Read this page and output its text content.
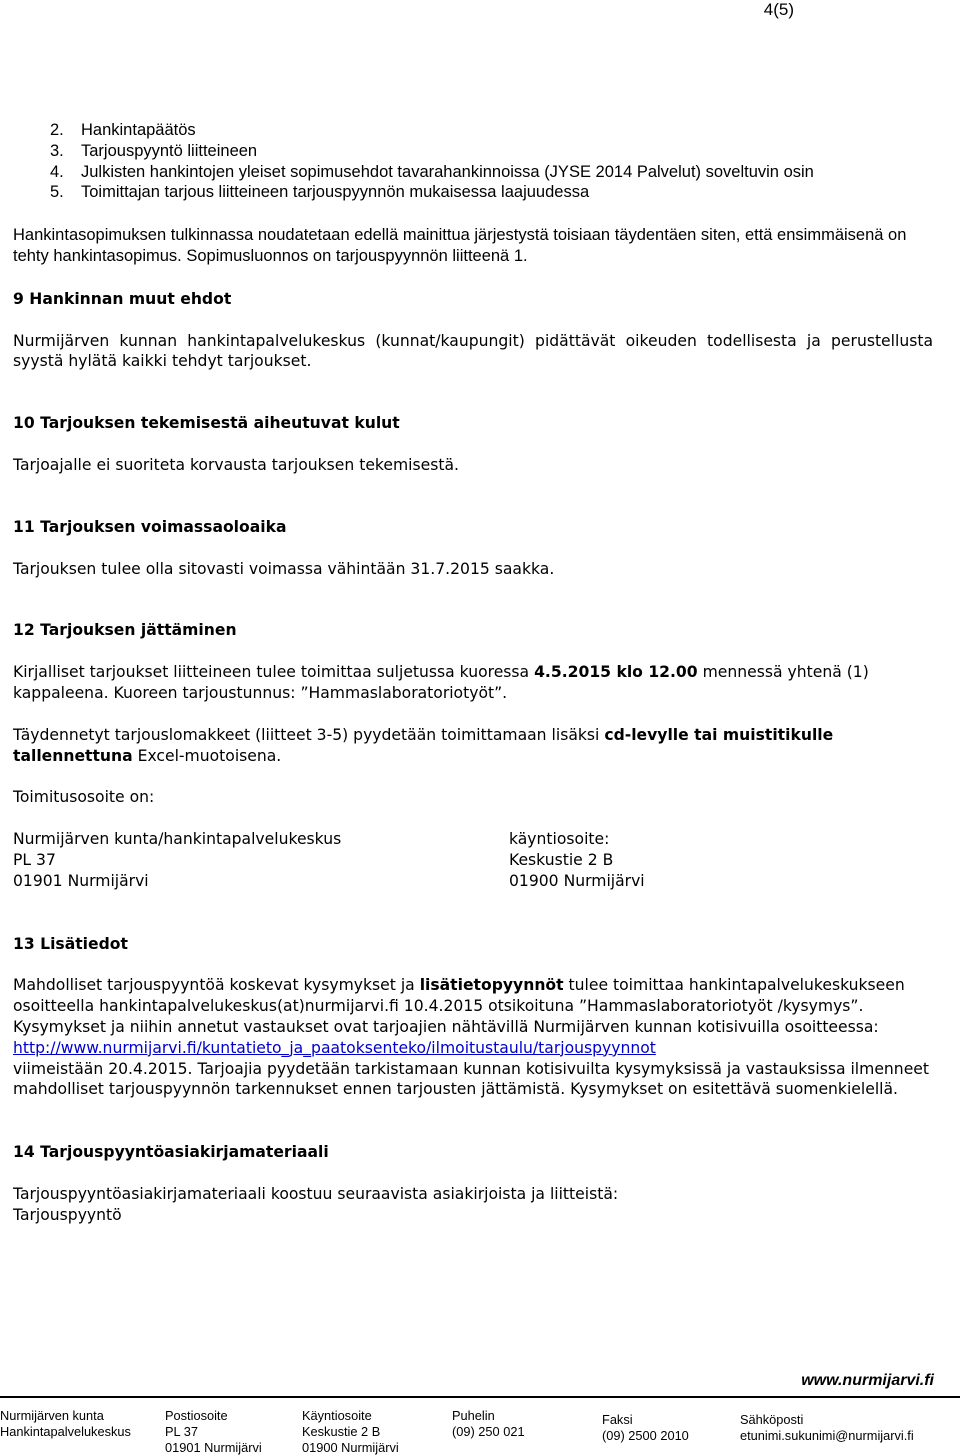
4(5)
2. Hankintapäätös
3. Tarjouspyyntö liitteineen
4. Julkisten hankintojen yleiset sopimusehdot tavarahankinnoissa (JYSE 2014 Palvelut) soveltuvin osin
5. Toimittajan tarjous liitteineen tarjouspyynnön mukaisessa laajuudessa

Hankintasopimuksen tulkinnassa noudatetaan edellä mainittua järjestystä toisiaan täydentäen siten, että ensimmäisenä on tehty hankintasopimus. Sopimusluonnos on tarjouspyynnön liitteenä 1.

9 Hankinnan muut ehdot

Nurmijärven kunnan hankintapalvelukeskus (kunnat/kaupungit) pidättävät oikeuden todellisesta ja perustellusta syystä hylätä kaikki tehdyt tarjoukset.

10 Tarjouksen tekemisestä aiheutuvat kulut

Tarjoajalle ei suoriteta korvausta tarjouksen tekemisestä.

11 Tarjouksen voimassaoloaika

Tarjouksen tulee olla sitovasti voimassa vähintään 31.7.2015 saakka.

12 Tarjouksen jättäminen

Kirjalliset tarjoukset liitteineen tulee toimittaa suljetussa kuoressa 4.5.2015 klo 12.00 mennessä yhtenä (1) kappaleena. Kuoreen tarjoustunnus: ”Hammaslaboratoriotyöt”.

Täydennetyt tarjouslomakkeet (liitteet 3-5) pyydetään toimittamaan lisäksi cd-levylle tai muistitikulle tallennettuna Excel-muotoisena.

Toimitusosoite on:

Nurmijärven kunta/hankintapalvelukeskus
PL 37
01901 Nurmijärvi
käyntiosoite:
Keskustie 2 B
01900 Nurmijärvi
13 Lisätiedot

Mahdolliset tarjouspyyntöä koskevat kysymykset ja lisätietopyynnöt tulee toimittaa hankintapalvelukeskukseen osoitteella hankintapalvelukeskus(at)nurmijarvi.fi 10.4.2015 otsikoituna ”Hammaslaboratoriotyöt /kysymys”. Kysymykset ja niihin annetut vastaukset ovat tarjoajien nähtävillä Nurmijärven kunnan kotisivuilla osoitteessa:
http://www.nurmijarvi.fi/kuntatieto_ja_paatoksenteko/ilmoitustaulu/tarjouspyynnot
viimeistään 20.4.2015. Tarjoajia pyydetään tarkistamaan kunnan kotisivuilta kysymyksissä ja vastauksissa ilmenneet mahdolliset tarjouspyynnön tarkennukset ennen tarjousten jättämistä. Kysymykset on esitettävä suomenkielellä.

14 Tarjouspyyntöasiakirjamateriaali

Tarjouspyyntöasiakirjamateriaali koostuu seuraavista asiakirjoista ja liitteistä:
Tarjouspyyntö

www.nurmijarvi.fi
Nurmijärven kunta
Hankintapalvelukeskus
Postiosoite
PL 37
01901 Nurmijärvi
Käyntiosoite
Keskustie 2 B
01900 Nurmijärvi
Puhelin
(09) 250 021
Faksi
(09) 2500 2010
Sähköposti
etunimi.sukunimi@nurmijarvi.fi
